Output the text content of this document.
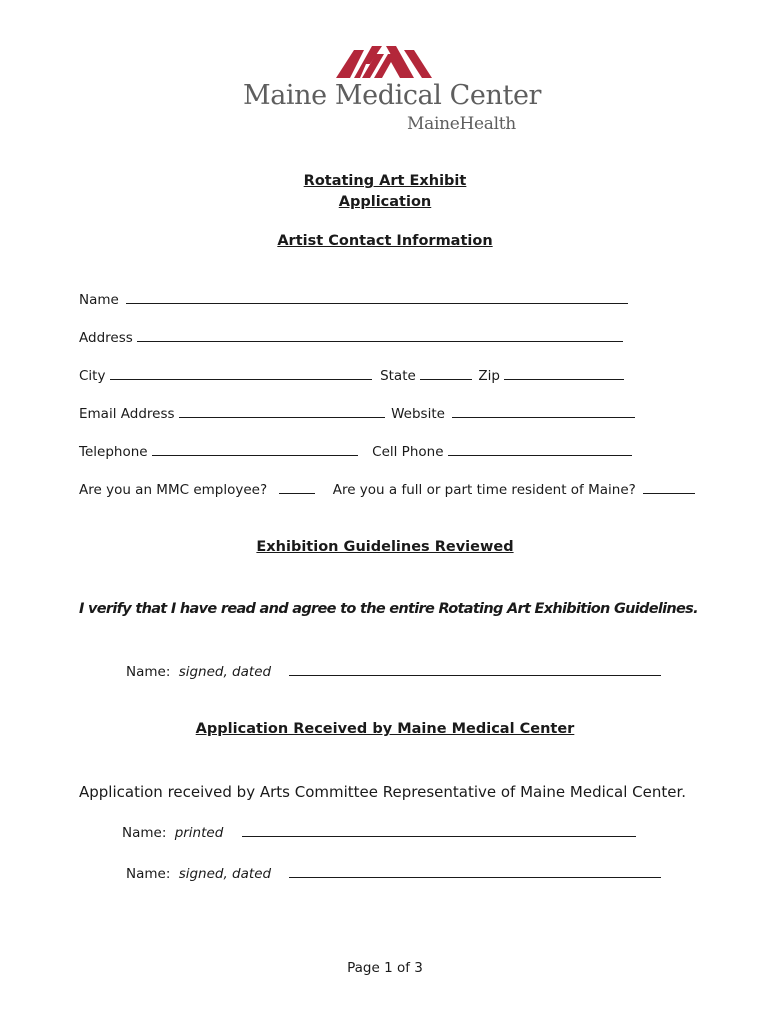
Maine Medical Center
MaineHealth
Rotating Art Exhibit
Application
Artist Contact Information
Name
Address
City	State	Zip
Email Address	Website
Telephone	Cell Phone
Are you an MMC employee?	Are you a full or part time resident of Maine?
Exhibition Guidelines Reviewed
I verify that I have read and agree to the entire Rotating Art Exhibition Guidelines.
Name: signed, dated
Application Received by Maine Medical Center
Application received by Arts Committee Representative of Maine Medical Center.
Name: printed
Name: signed, dated
Page 1 of 3
